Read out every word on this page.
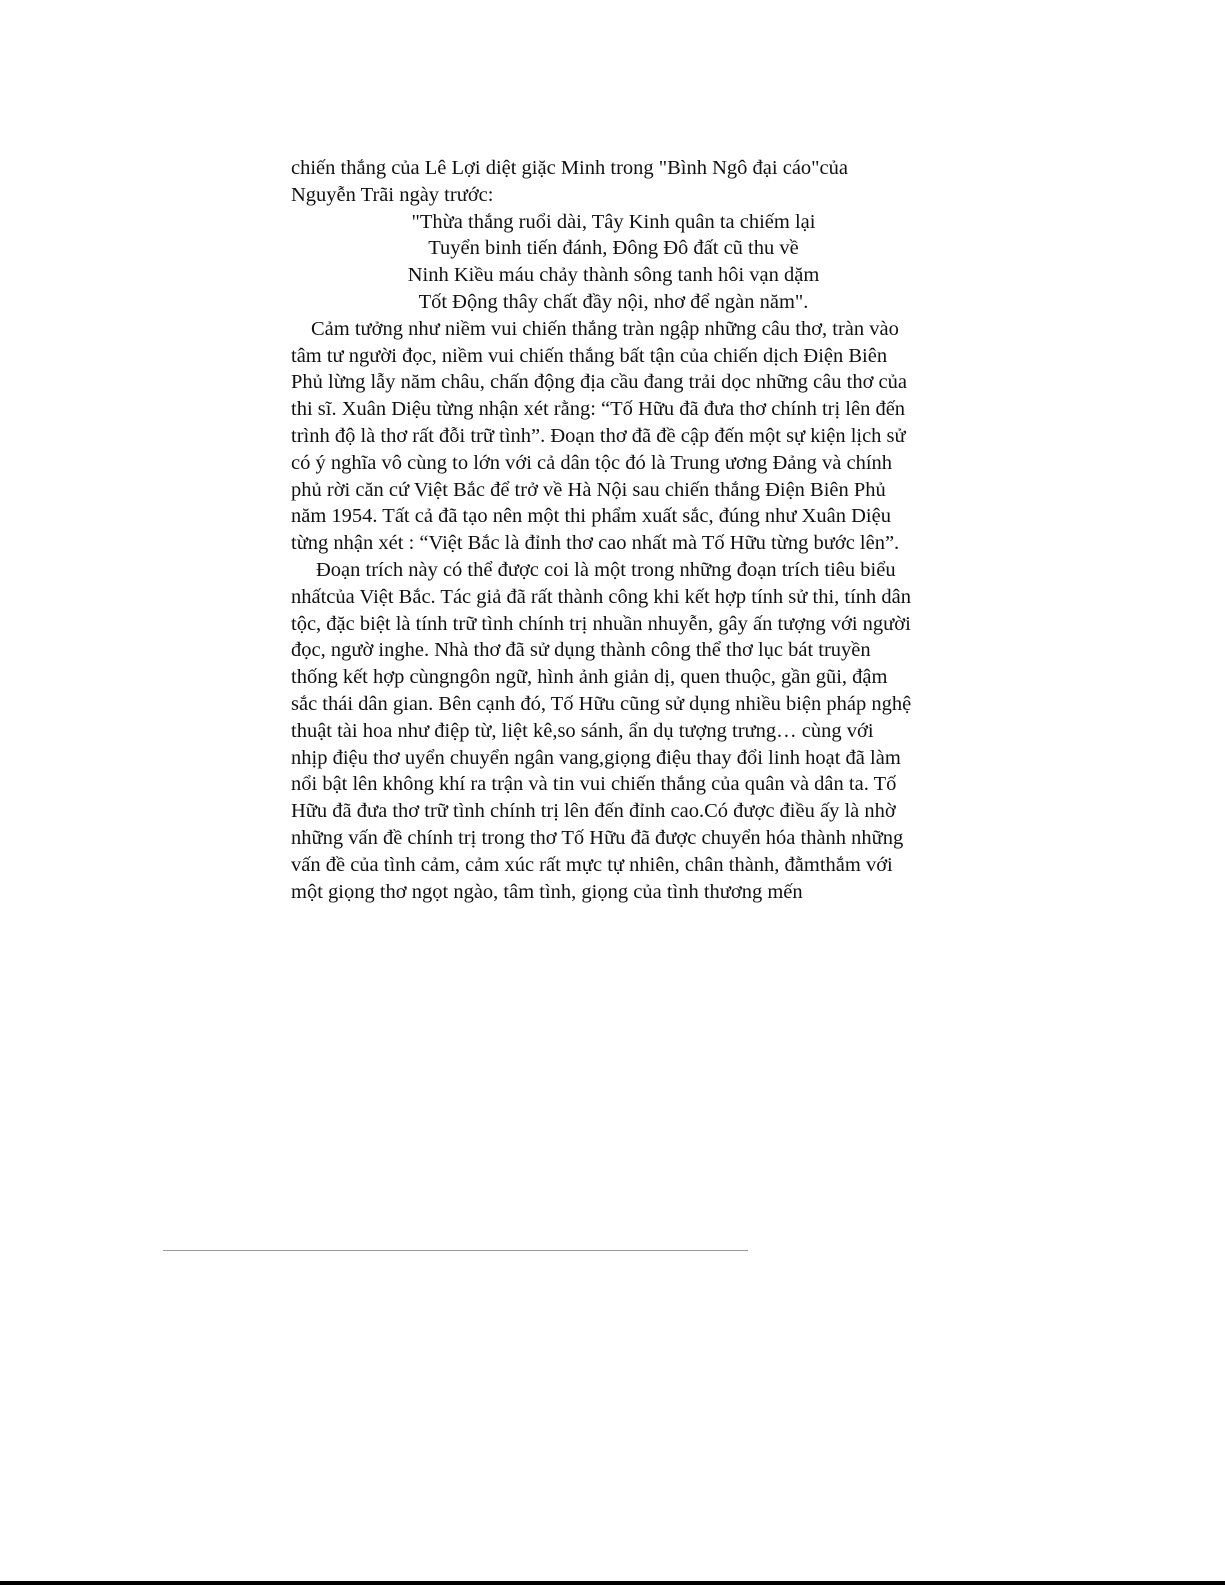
chiến thắng của Lê Lợi diệt giặc Minh trong "Bình Ngô đại cáo"của
Nguyễn Trãi ngày trước:
"Thừa thắng ruổi dài, Tây Kinh quân ta chiếm lại
Tuyển binh tiến đánh, Đông Đô đất cũ thu về
Ninh Kiều máu chảy thành sông tanh hôi vạn dặm
Tốt Động thây chất đầy nội, nhơ để ngàn năm".
Cảm tưởng như niềm vui chiến thắng tràn ngập những câu thơ, tràn vào
tâm tư người đọc, niềm vui chiến thắng bất tận của chiến dịch Điện Biên
Phủ lừng lẫy năm châu, chấn động địa cầu đang trải dọc những câu thơ của
thi sĩ. Xuân Diệu từng nhận xét rằng: “Tố Hữu đã đưa thơ chính trị lên đến
trình độ là thơ rất đỗi trữ tình”. Đoạn thơ đã đề cập đến một sự kiện lịch sử
có ý nghĩa vô cùng to lớn với cả dân tộc đó là Trung ương Đảng và chính
phủ rời căn cứ Việt Bắc để trở về Hà Nội sau chiến thắng Điện Biên Phủ
năm 1954. Tất cả đã tạo nên một thi phẩm xuất sắc, đúng như Xuân Diệu
từng nhận xét : “Việt Bắc là đỉnh thơ cao nhất mà Tố Hữu từng bước lên”.
Đoạn trích này có thể được coi là một trong những đoạn trích tiêu biểu
nhấtcủa Việt Bắc. Tác giả đã rất thành công khi kết hợp tính sử thi, tính dân
tộc, đặc biệt là tính trữ tình chính trị nhuần nhuyễn, gây ấn tượng với người
đọc, ngườ inghe. Nhà thơ đã sử dụng thành công thể thơ lục bát truyền
thống kết hợp cùngngôn ngữ, hình ảnh giản dị, quen thuộc, gần gũi, đậm
sắc thái dân gian. Bên cạnh đó, Tố Hữu cũng sử dụng nhiều biện pháp nghệ
thuật tài hoa như điệp từ, liệt kê,so sánh, ẩn dụ tượng trưng… cùng với
nhịp điệu thơ uyển chuyển ngân vang,giọng điệu thay đổi linh hoạt đã làm
nổi bật lên không khí ra trận và tin vui chiến thắng của quân và dân ta. Tố
Hữu đã đưa thơ trữ tình chính trị lên đến đỉnh cao.Có được điều ấy là nhờ
những vấn đề chính trị trong thơ Tố Hữu đã được chuyển hóa thành những
vấn đề của tình cảm, cảm xúc rất mực tự nhiên, chân thành, đằmthắm với
một giọng thơ ngọt ngào, tâm tình, giọng của tình thương mến
